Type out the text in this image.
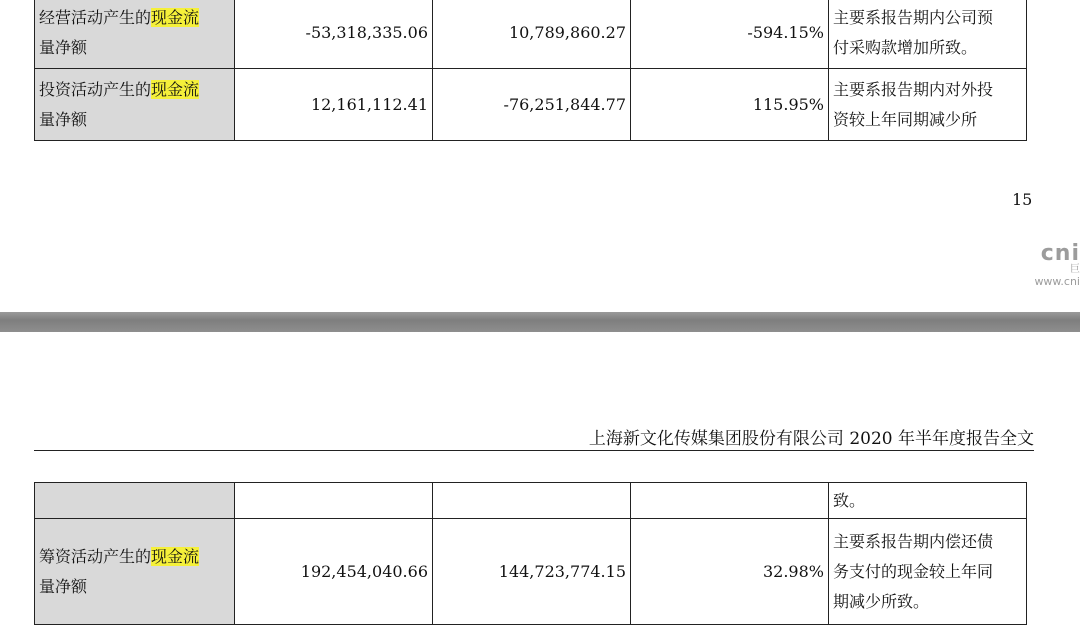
经营活动产生的现金流
量净额	-53,318,335.06	10,789,860.27	-594.15%	主要系报告期内公司预
付采购款增加所致。

投资活动产生的现金流
量净额	12,161,112.41	-76,251,844.77	115.95%	主要系报告期内对外投
资较上年同期减少所
15
cni
巨
www.cni
上海新文化传媒集团股份有限公司 2020 年半年度报告全文
				致。

筹资活动产生的现金流
量净额	192,454,040.66	144,723,774.15	32.98%	主要系报告期内偿还债
务支付的现金较上年同
期减少所致。
